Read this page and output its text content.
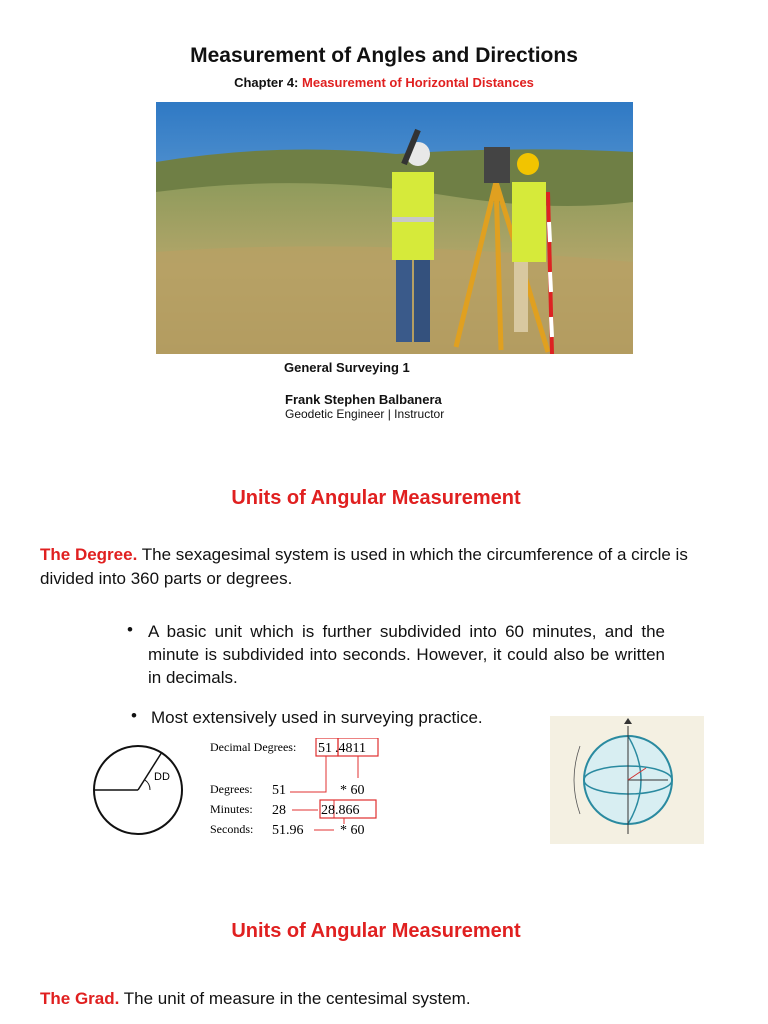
Measurement of Angles and Directions
Chapter 4: Measurement of Horizontal Distances
General Surveying 1
Frank Stephen Balbanera
Geodetic Engineer | Instructor
Units of Angular Measurement
The Degree. The sexagesimal system is used in which the circumference of a circle is divided into 360 parts or degrees.
• A basic unit which is further subdivided into 60 minutes, and the minute is subdivided into seconds. However, it could also be written in decimals.
• Most extensively used in surveying practice.
DD
Decimal Degrees: 51 .4811
Degrees: 51	* 60
Minutes: 28	28.866
Seconds: 51.96	* 60
Units of Angular Measurement
The Grad. The unit of measure in the centesimal system.
